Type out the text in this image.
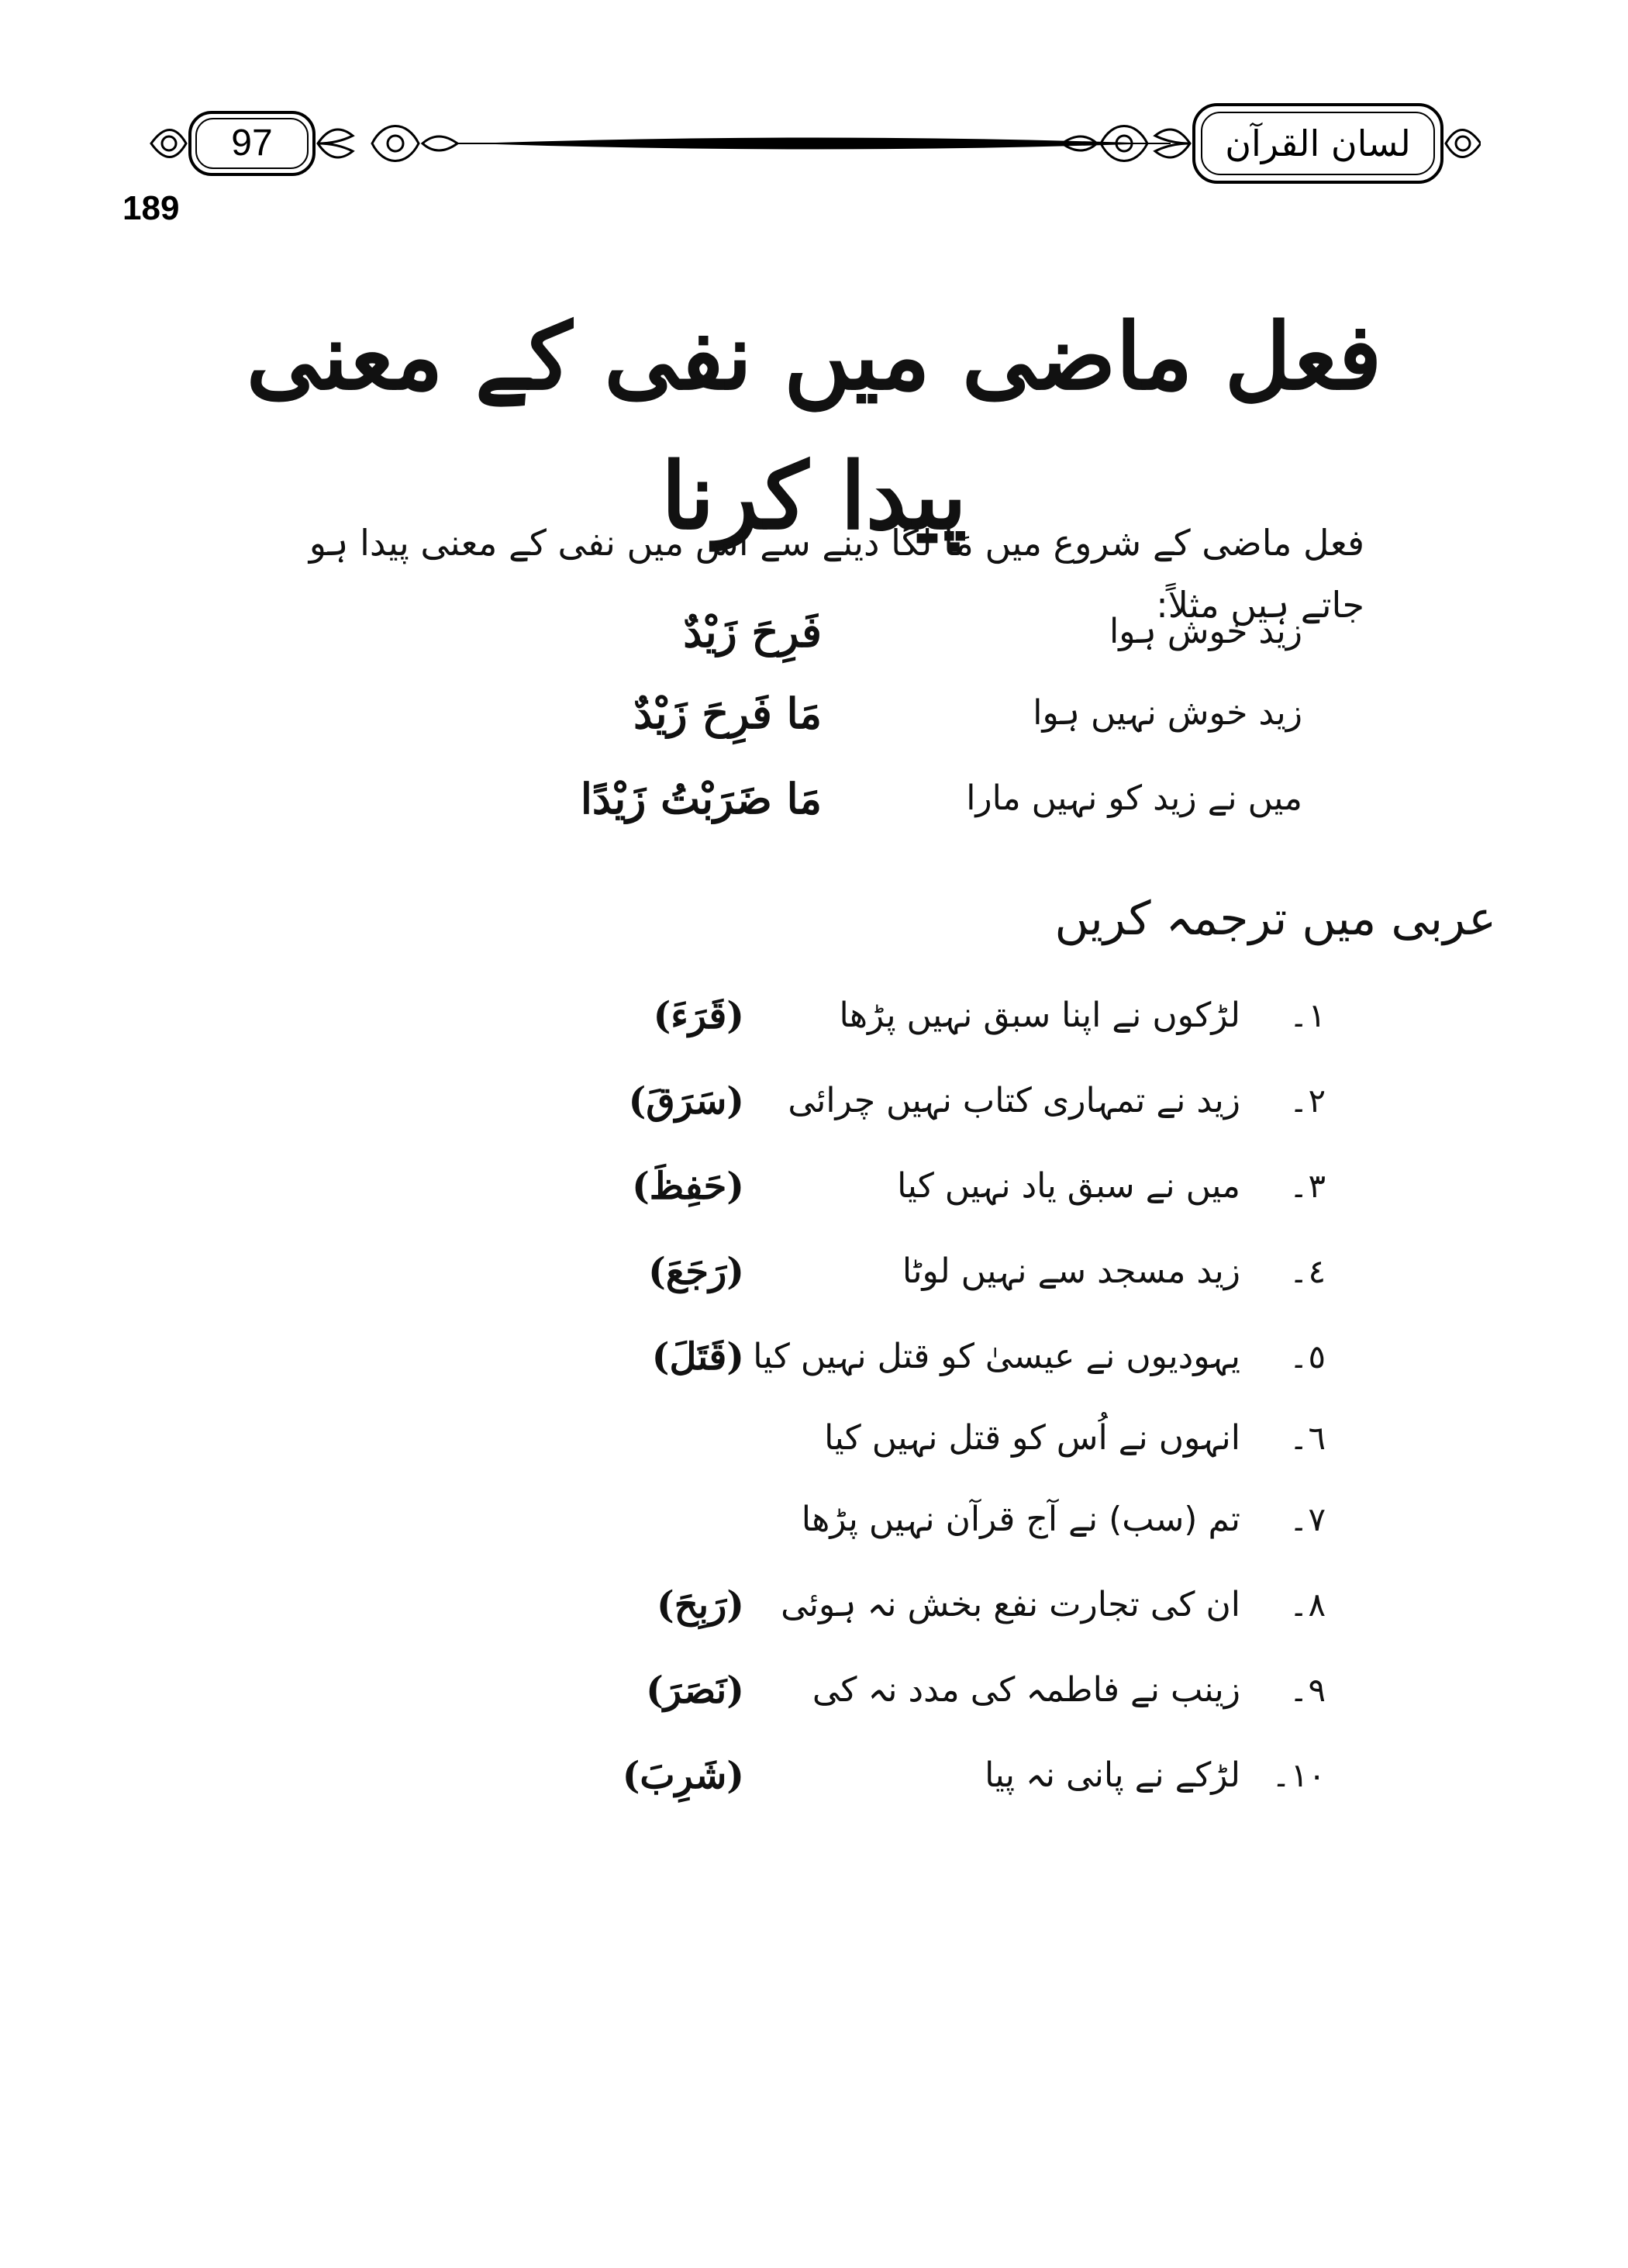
97	لسان القرآن
189
فعل ماضی میں نفی کے معنی پیدا کرنا
فعل ماضی کے شروع میں مَا لگا دینے سے اس میں نفی کے معنی پیدا ہو جاتے ہیں مثلاً:
زید خوش ہوا
فَرِحَ زَيْدٌ
زید خوش نہیں ہوا
مَا فَرِحَ زَيْدٌ
میں نے زید کو نہیں مارا
مَا ضَرَبْتُ زَيْدًا
عربی میں ترجمہ کریں
١۔
لڑکوں نے اپنا سبق نہیں پڑھا
(قَرَءَ)
٢۔
زید نے تمہاری کتاب نہیں چرائی
(سَرَقَ)
٣۔
میں نے سبق یاد نہیں کیا
(حَفِظَ)
٤۔
زید مسجد سے نہیں لوٹا
(رَجَعَ)
٥۔
یہودیوں نے عیسیٰ کو قتل نہیں کیا
(قَتَلَ)
٦۔
انہوں نے اُس کو قتل نہیں کیا
٧۔
تم (سب) نے آج قرآن نہیں پڑھا
٨۔
ان کی تجارت نفع بخش نہ ہوئی
(رَبِحَ)
٩۔
زینب نے فاطمہ کی مدد نہ کی
(نَصَرَ)
١٠۔
لڑکے نے پانی نہ پیا
(شَرِبَ)
